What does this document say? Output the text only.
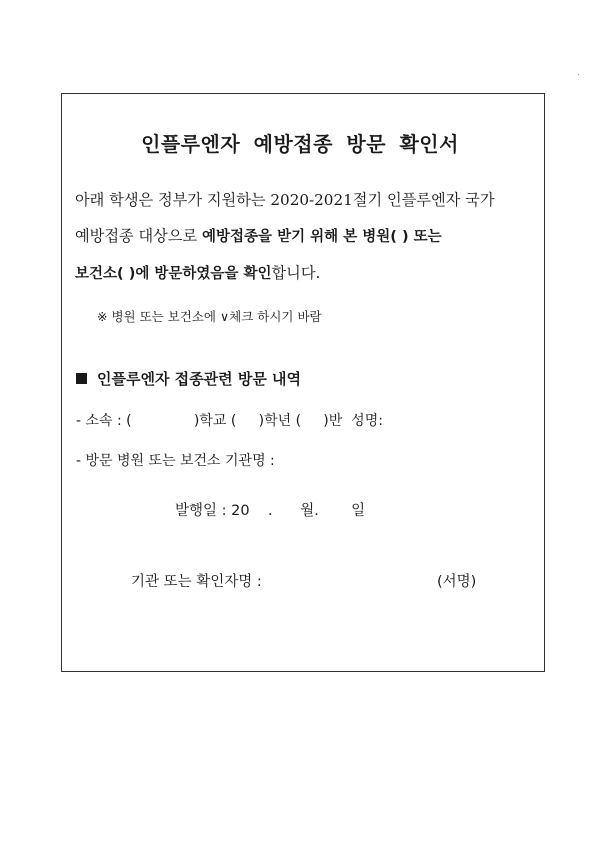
인플루엔자 예방접종 방문 확인서
아래 학생은 정부가 지원하는 2020-2021절기 인플루엔자 국가
예방접종 대상으로 예방접종을 받기 위해 본 병원( ) 또는
보건소( )에 방문하였음을 확인합니다.
※ 병원 또는 보건소에 ∨체크 하시기 바람
인플루엔자 접종관련 방문 내역
- 소속 : (              )학교 (     )학년 (     )반  성명:
- 방문 병원 또는 보건소 기관명 :
발행일 : 20    .      월.       일
기관 또는 확인자명 :	(서명)
